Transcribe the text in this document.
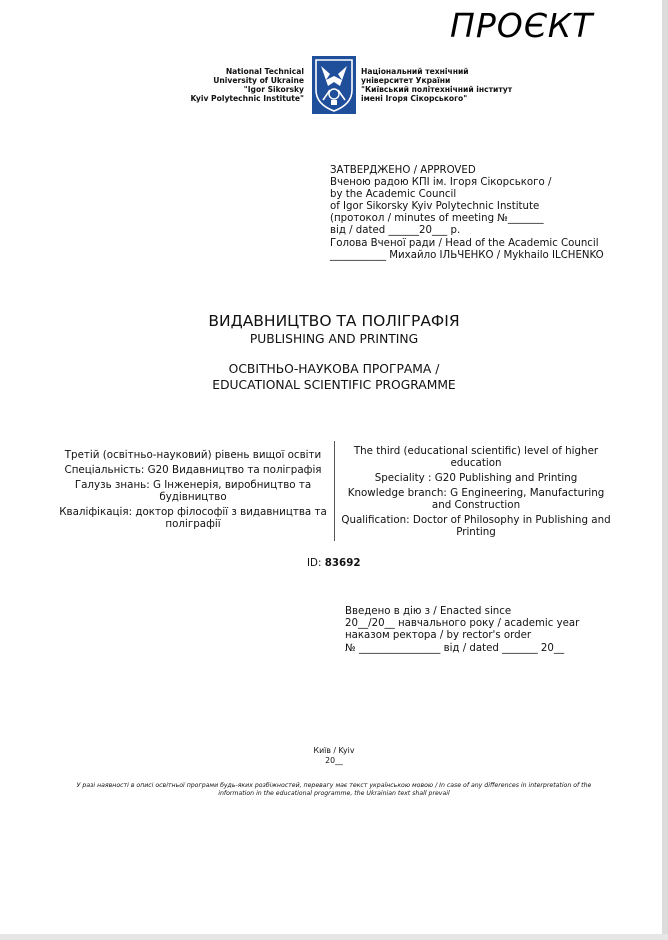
ПРОЄКТ
National Technical
University of Ukraine
"Igor Sikorsky
Kyiv Polytechnic Institute"
Національний технічний
університет України
"Київський політехнічний інститут
імені Ігоря Сікорського"
ЗАТВЕРДЖЕНО / APPROVED
Вченою радою КПІ ім. Ігоря Сікорського /
by the Academic Council
of Igor Sikorsky Kyiv Polytechnic Institute
(протокол / minutes of meeting №_______
від / dated ______20___ р.
Голова Вченої ради / Head of the Academic Council
___________ Михайло ІЛЬЧЕНКО / Mykhailo ILCHENKO
ВИДАВНИЦТВО ТА ПОЛІГРАФІЯ
PUBLISHING AND PRINTING
ОСВІТНЬО-НАУКОВА ПРОГРАМА /
EDUCATIONAL SCIENTIFIC PROGRAMME
Третій (освітньо-науковий) рівень вищої освіти
Спеціальність: G20 Видавництво та поліграфія
Галузь знань: G Інженерія, виробництво та будівництво
Кваліфікація: доктор філософії з видавництва та поліграфії
The third (educational scientific) level of higher education
Speciality : G20 Publishing and Printing
Knowledge branch: G Engineering, Manufacturing and Construction
Qualification: Doctor of Philosophy in Publishing and Printing
ID: 83692
Введено в дію з / Enacted since
20__/20__ навчального року / academic year
наказом ректора / by rector's order
№ ________________ від / dated _______ 20__
Київ / Kyiv
20__
У разі наявності в описі освітньої програми будь-яких розбіжностей, перевагу має текст українською мовою / In case of any differences in interpretation of the
information in the educational programme, the Ukrainian text shall prevail
